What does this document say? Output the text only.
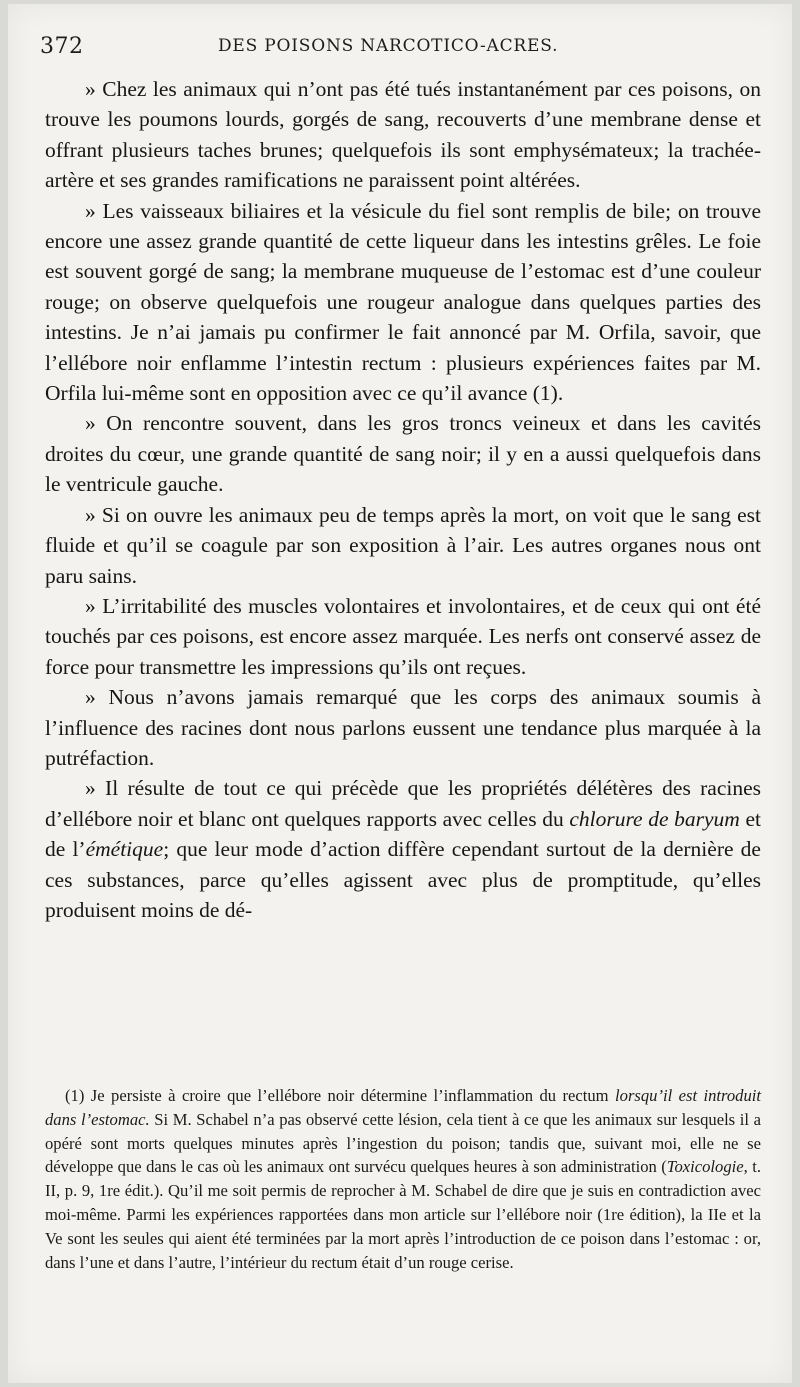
372	DES POISONS NARCOTICO-ACRES.

» Chez les animaux qui n’ont pas été tués instantanément par ces poisons, on trouve les poumons lourds, gorgés de sang, recouverts d’une membrane dense et offrant plusieurs taches brunes; quelquefois ils sont emphysémateux; la trachée-artère et ses grandes ramifications ne paraissent point altérées.

» Les vaisseaux biliaires et la vésicule du fiel sont remplis de bile; on trouve encore une assez grande quantité de cette liqueur dans les intestins grêles. Le foie est souvent gorgé de sang; la membrane muqueuse de l’estomac est d’une couleur rouge; on observe quelquefois une rougeur analogue dans quelques parties des intestins. Je n’ai jamais pu confirmer le fait annoncé par M. Orfila, savoir, que l’ellébore noir enflamme l’intestin rectum : plusieurs expériences faites par M. Orfila lui-même sont en opposition avec ce qu’il avance (1).

» On rencontre souvent, dans les gros troncs veineux et dans les cavités droites du cœur, une grande quantité de sang noir; il y en a aussi quelquefois dans le ventricule gauche.

» Si on ouvre les animaux peu de temps après la mort, on voit que le sang est fluide et qu’il se coagule par son exposition à l’air. Les autres organes nous ont paru sains.

» L’irritabilité des muscles volontaires et involontaires, et de ceux qui ont été touchés par ces poisons, est encore assez marquée. Les nerfs ont conservé assez de force pour transmettre les impressions qu’ils ont reçues.

» Nous n’avons jamais remarqué que les corps des animaux soumis à l’influence des racines dont nous parlons eussent une tendance plus marquée à la putréfaction.

» Il résulte de tout ce qui précède que les propriétés délétères des racines d’ellébore noir et blanc ont quelques rapports avec celles du chlorure de baryum et de l’émétique; que leur mode d’action diffère cependant surtout de la dernière de ces substances, parce qu’elles agissent avec plus de promptitude, qu’elles produisent moins de dé-

(1) Je persiste à croire que l’ellébore noir détermine l’inflammation du rectum lorsqu’il est introduit dans l’estomac. Si M. Schabel n’a pas observé cette lésion, cela tient à ce que les animaux sur lesquels il a opéré sont morts quelques minutes après l’ingestion du poison; tandis que, suivant moi, elle ne se développe que dans le cas où les animaux ont survécu quelques heures à son administration (Toxicologie, t. II, p. 9, 1re édit.). Qu’il me soit permis de reprocher à M. Schabel de dire que je suis en contradiction avec moi-même. Parmi les expériences rapportées dans mon article sur l’ellébore noir (1re édition), la IIe et la Ve sont les seules qui aient été terminées par la mort après l’introduction de ce poison dans l’estomac : or, dans l’une et dans l’autre, l’intérieur du rectum était d’un rouge cerise.
